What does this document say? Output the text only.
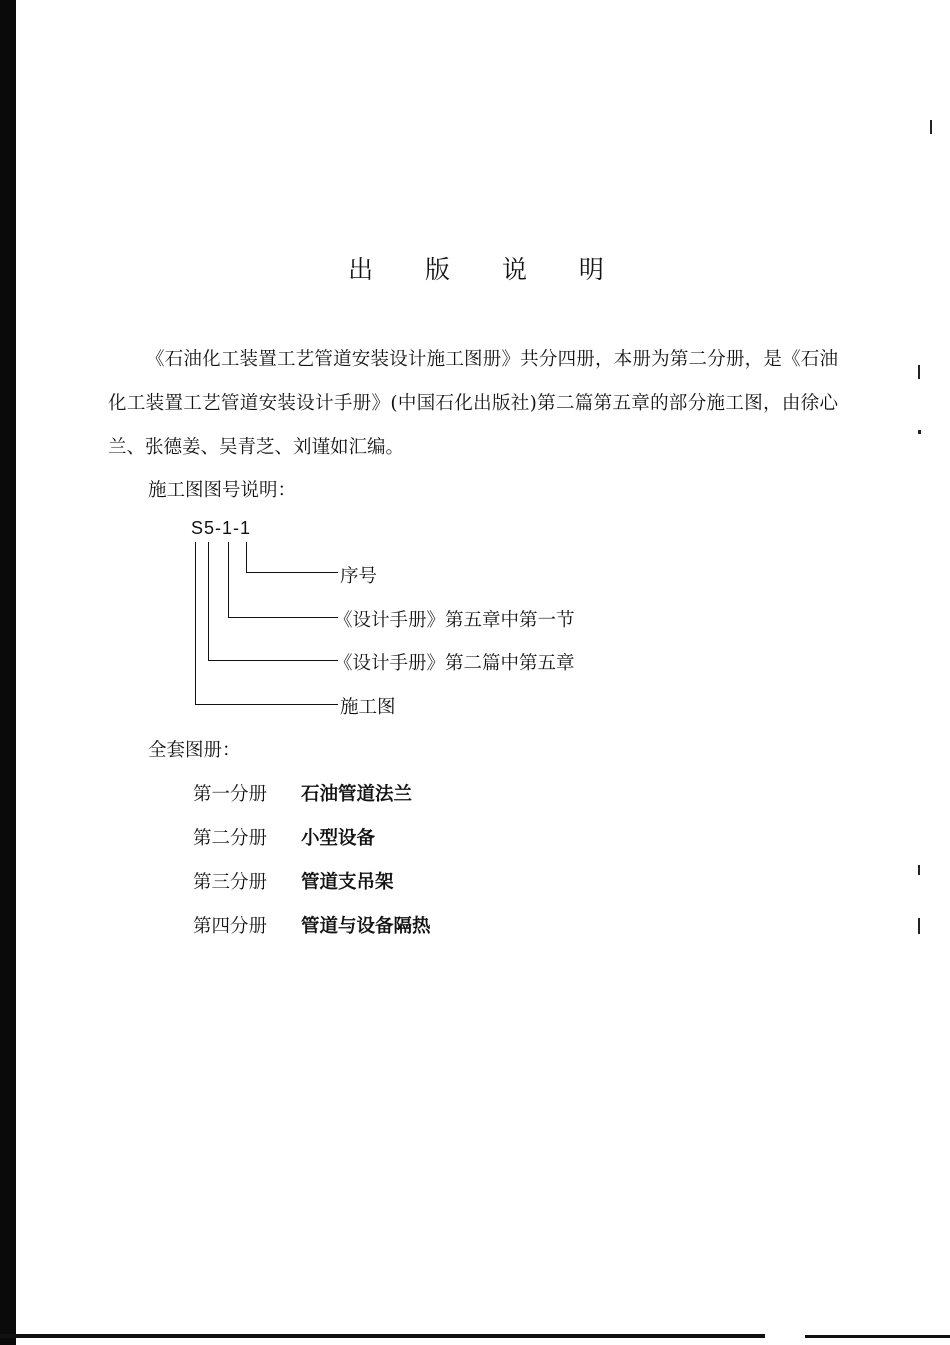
出 版 说 明

《石油化工装置工艺管道安装设计施工图册》共分四册，本册为第二分册，是《石油化工装置工艺管道安装设计手册》(中国石化出版社)第二篇第五章的部分施工图，由徐心兰、张德姜、吴青芝、刘谨如汇编。

施工图图号说明：
S5-1-1
序号
《设计手册》第五章中第一节
《设计手册》第二篇中第五章
施工图
全套图册：
第一分册 石油管道法兰
第二分册 小型设备
第三分册 管道支吊架
第四分册 管道与设备隔热
